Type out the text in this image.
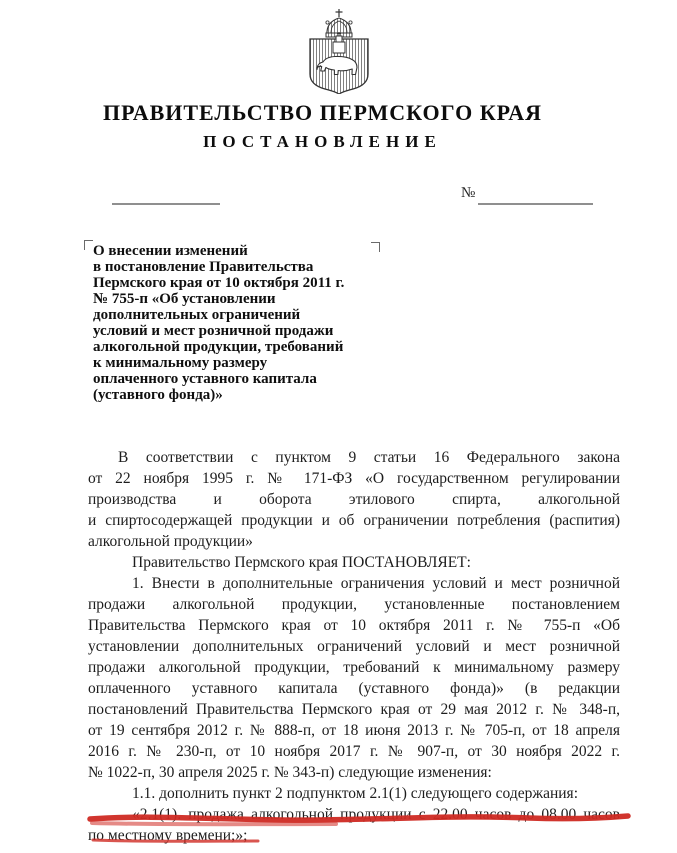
ПРАВИТЕЛЬСТВО ПЕРМСКОГО КРАЯ
ПОСТАНОВЛЕНИЕ
№
О внесении изменений
в постановление Правительства
Пермского края от 10 октября 2011 г.
№ 755-п «Об установлении
дополнительных ограничений
условий и мест розничной продажи
алкогольной продукции, требований
к минимальному размеру
оплаченного уставного капитала
(уставного фонда)»
В соответствии с пунктом 9 статьи 16 Федерального закона
от 22 ноября 1995 г. № 171-ФЗ «О государственном регулировании
производства и оборота этилового спирта, алкогольной
и спиртосодержащей продукции и об ограничении потребления (распития)
алкогольной продукции»
Правительство Пермского края ПОСТАНОВЛЯЕТ:
1. Внести в дополнительные ограничения условий и мест розничной
продажи алкогольной продукции, установленные постановлением
Правительства Пермского края от 10 октября 2011 г. № 755-п «Об
установлении дополнительных ограничений условий и мест розничной
продажи алкогольной продукции, требований к минимальному размеру
оплаченного уставного капитала (уставного фонда)» (в редакции
постановлений Правительства Пермского края от 29 мая 2012 г. № 348-п,
от 19 сентября 2012 г. № 888-п, от 18 июня 2013 г. № 705-п, от 18 апреля
2016 г. № 230-п, от 10 ноября 2017 г. № 907-п, от 30 ноября 2022 г.
№ 1022-п, 30 апреля 2025 г. № 343-п) следующие изменения:
1.1. дополнить пункт 2 подпунктом 2.1(1) следующего содержания:
«2.1(1). продажа алкогольной продукции с 22.00 часов до 08.00 часов
по местному времени;»;
